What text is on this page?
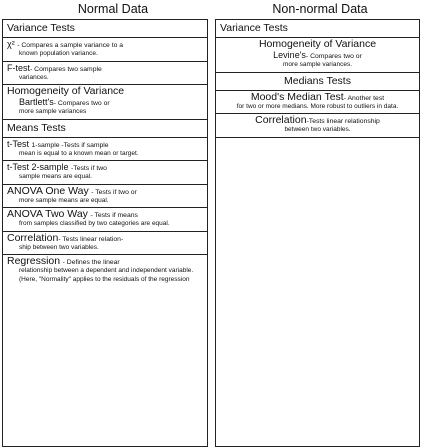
Normal Data	Non-normal Data
Variance Tests
χ² - Compares a sample variance to a
known population variance.
F-test- Compares two sample
variances.
Homogeneity of Variance
Bartlett's- Compares two or
more sample variances
Means Tests
t-Test 1-sample -Tests if sample
mean is equal to a known mean or target.
t-Test 2-sample -Tests if two
sample means are equal.
ANOVA One Way - Tests if two or
more sample means are equal.
ANOVA Two Way - Tests if means
from samples classified by two categories are equal.
Correlation- Tests linear relation-
ship between two variables.
Regression - Defines the linear
relationship between a dependent and independent variable. (Here, "Normality" applies to the residuals of the regression
Variance Tests
Homogeneity of Variance
Levine's- Compares two or
more sample variances.
Medians Tests
Mood's Median Test- Another test
for two or more medians. More robust to outliers in data.
Correlation-Tests linear relationship
between two variables.
